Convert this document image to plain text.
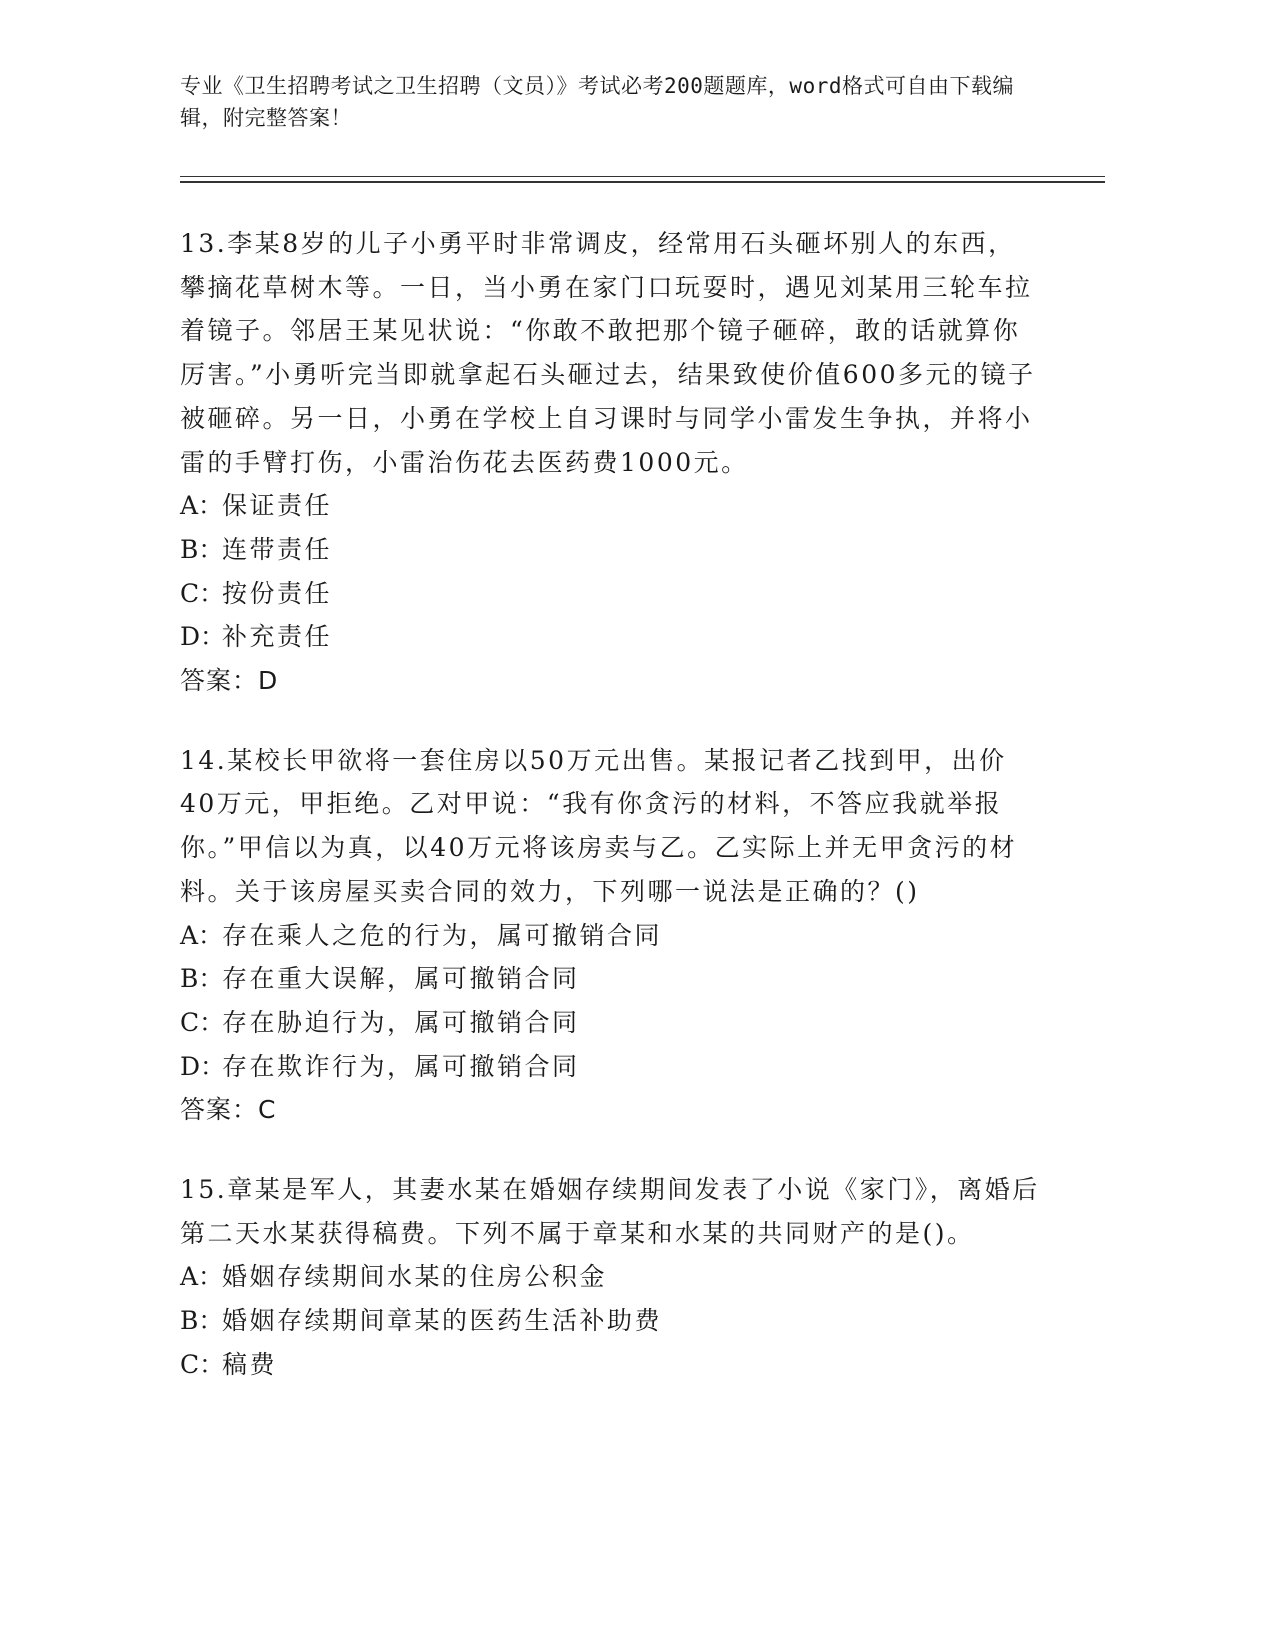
专业《卫生招聘考试之卫生招聘（文员）》考试必考200题题库，word格式可自由下载编辑，附完整答案！

13.李某8岁的儿子小勇平时非常调皮，经常用石头砸坏别人的东西，攀摘花草树木等。一日，当小勇在家门口玩耍时，遇见刘某用三轮车拉着镜子。邻居王某见状说：“你敢不敢把那个镜子砸碎，敢的话就算你厉害。”小勇听完当即就拿起石头砸过去，结果致使价值600多元的镜子被砸碎。另一日，小勇在学校上自习课时与同学小雷发生争执，并将小雷的手臂打伤，小雷治伤花去医药费1000元。

A：保证责任

B：连带责任

C：按份责任

D：补充责任

答案：D

14.某校长甲欲将一套住房以50万元出售。某报记者乙找到甲，出价40万元，甲拒绝。乙对甲说：“我有你贪污的材料，不答应我就举报你。”甲信以为真，以40万元将该房卖与乙。乙实际上并无甲贪污的材料。关于该房屋买卖合同的效力，下列哪一说法是正确的？()

A：存在乘人之危的行为，属可撤销合同

B：存在重大误解，属可撤销合同

C：存在胁迫行为，属可撤销合同

D：存在欺诈行为，属可撤销合同

答案：C

15.章某是军人，其妻水某在婚姻存续期间发表了小说《家门》，离婚后第二天水某获得稿费。下列不属于章某和水某的共同财产的是()。

A：婚姻存续期间水某的住房公积金

B：婚姻存续期间章某的医药生活补助费

C：稿费
